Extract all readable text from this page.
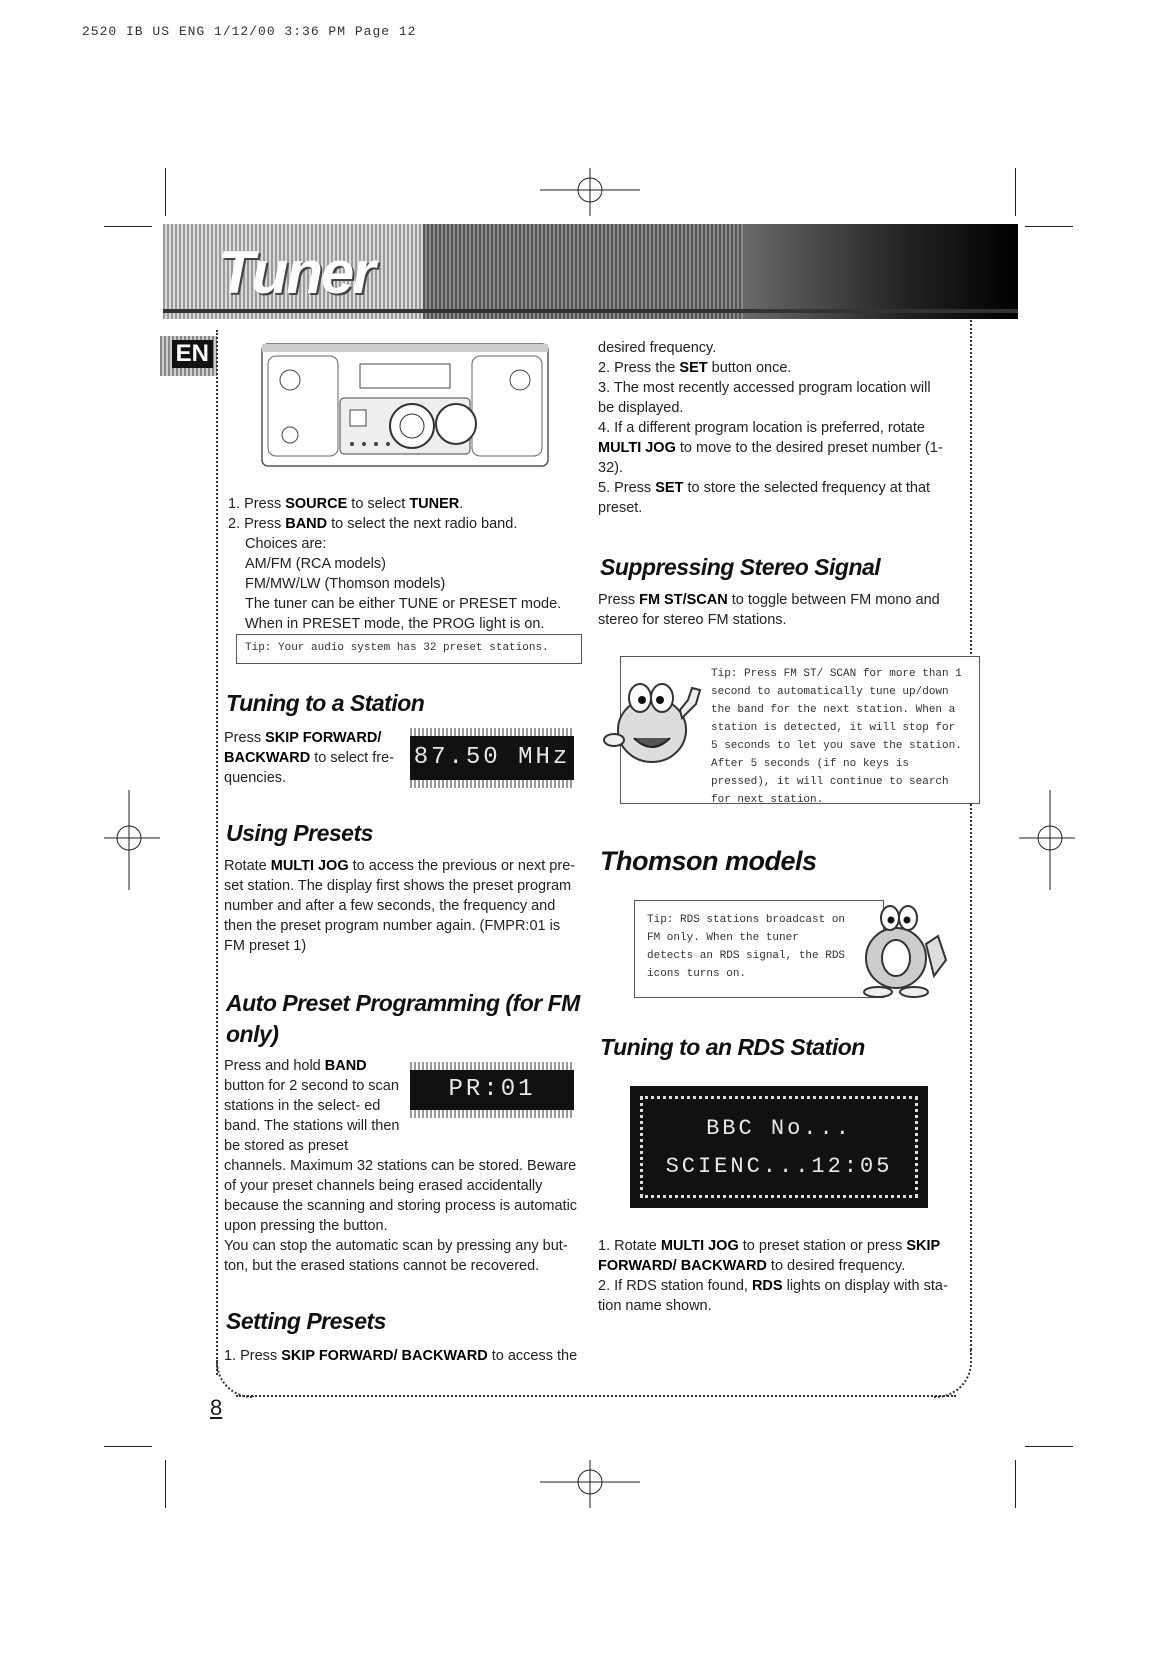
2520 IB US ENG 1/12/00 3:36 PM Page 12
Tuner
EN
1. Press SOURCE to select TUNER.
2. Press BAND to select the next radio band.
Choices are:
AM/FM (RCA models)
FM/MW/LW (Thomson models)
The tuner can be either TUNE or PRESET mode.
When in PRESET mode, the PROG light is on.
Tip: Your audio system has 32 preset stations.
Tuning to a Station
Press SKIP FORWARD/ BACKWARD to select fre- quencies.
87.50 MHz
Using Presets
Rotate MULTI JOG to access the previous or next pre- set station. The display first shows the preset program number and after a few seconds, the frequency and then the preset program number again. (FMPR:01 is FM preset 1)
Auto Preset Programming (for FM
only)
Press and hold BAND button for 2 second to scan stations in the select- ed band. The stations will then be stored as preset
PR:01
channels. Maximum 32 stations can be stored. Beware of your preset channels being erased accidentally because the scanning and storing process is automatic upon pressing the button.
You can stop the automatic scan by pressing any but- ton, but the erased stations cannot be recovered.
Setting Presets
1. Press SKIP FORWARD/ BACKWARD to access the
desired frequency.
2. Press the SET button once.
3. The most recently accessed program location will be displayed.
4. If a different program location is preferred, rotate MULTI JOG to move to the desired preset number (1- 32).
5. Press SET to store the selected frequency at that preset.
Suppressing Stereo Signal
Press FM ST/SCAN to toggle between FM mono and stereo for stereo FM stations.
Tip: Press FM ST/ SCAN for more than 1 second to automatically tune up/down the band for the next station. When a station is detected, it will stop for 5 seconds to let you save the station. After 5 seconds (if no keys is pressed), it will continue to search for next station.
Thomson models
Tip: RDS stations broadcast on FM only. When the tuner detects an RDS signal, the RDS icons turns on.
Tuning to an RDS Station
BBC No...
SCIENC...12:05
1. Rotate MULTI JOG to preset station or press SKIP FORWARD/ BACKWARD to desired frequency.
2. If RDS station found, RDS lights on display with sta- tion name shown.
8
